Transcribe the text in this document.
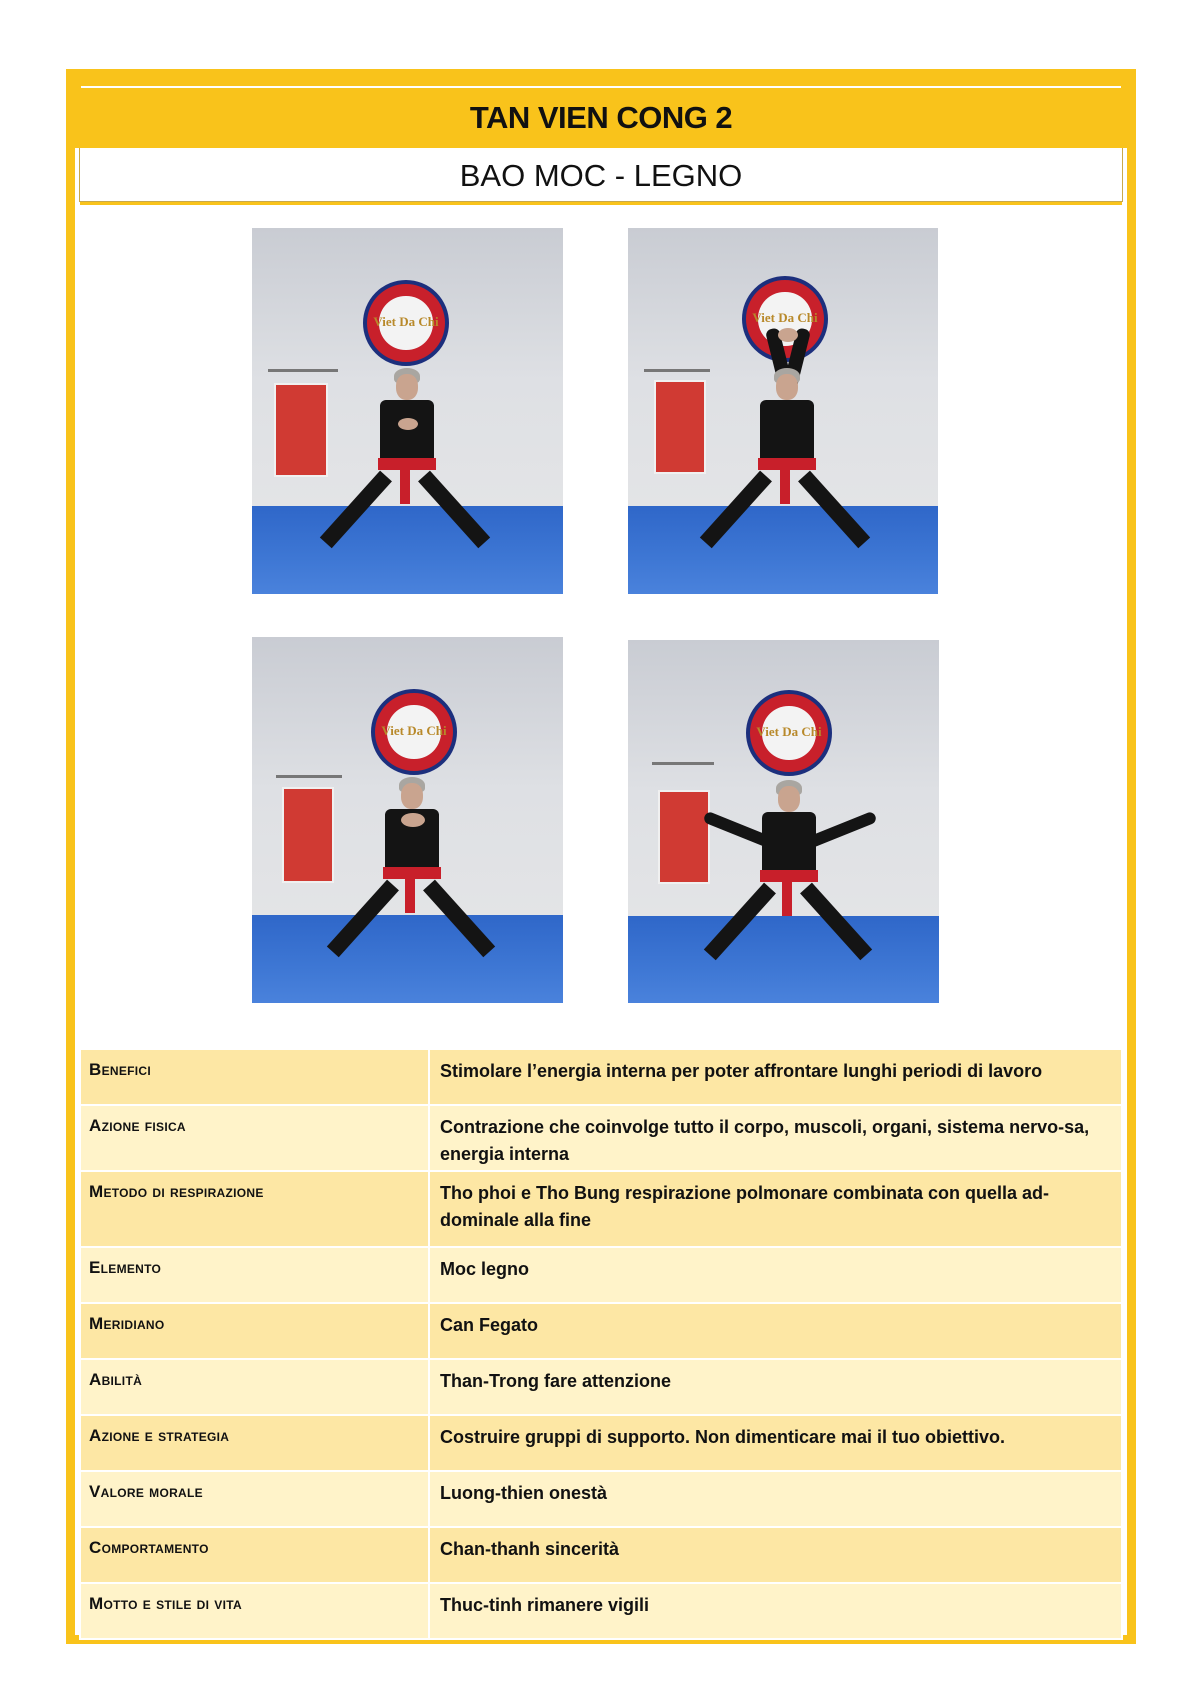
TAN VIEN CONG 2
BAO MOC - LEGNO
Viet Da Chi	Viet Da Chi
Viet Da Chi	Viet Da Chi
Benefici	Stimolare l’energia interna per poter affrontare lunghi periodi di lavoro
Azione fisica	Contrazione che coinvolge tutto il corpo, muscoli, organi, sistema nervo-sa, energia interna
Metodo di respirazione	Tho phoi e Tho Bung respirazione polmonare combinata con quella ad-dominale alla fine
Elemento	Moc legno
Meridiano	Can Fegato
Abilità	Than-Trong fare attenzione
Azione e strategia	Costruire gruppi di supporto. Non dimenticare mai il tuo obiettivo.
Valore morale	Luong-thien onestà
Comportamento	Chan-thanh sincerità
Motto e stile di vita	Thuc-tinh rimanere vigili
